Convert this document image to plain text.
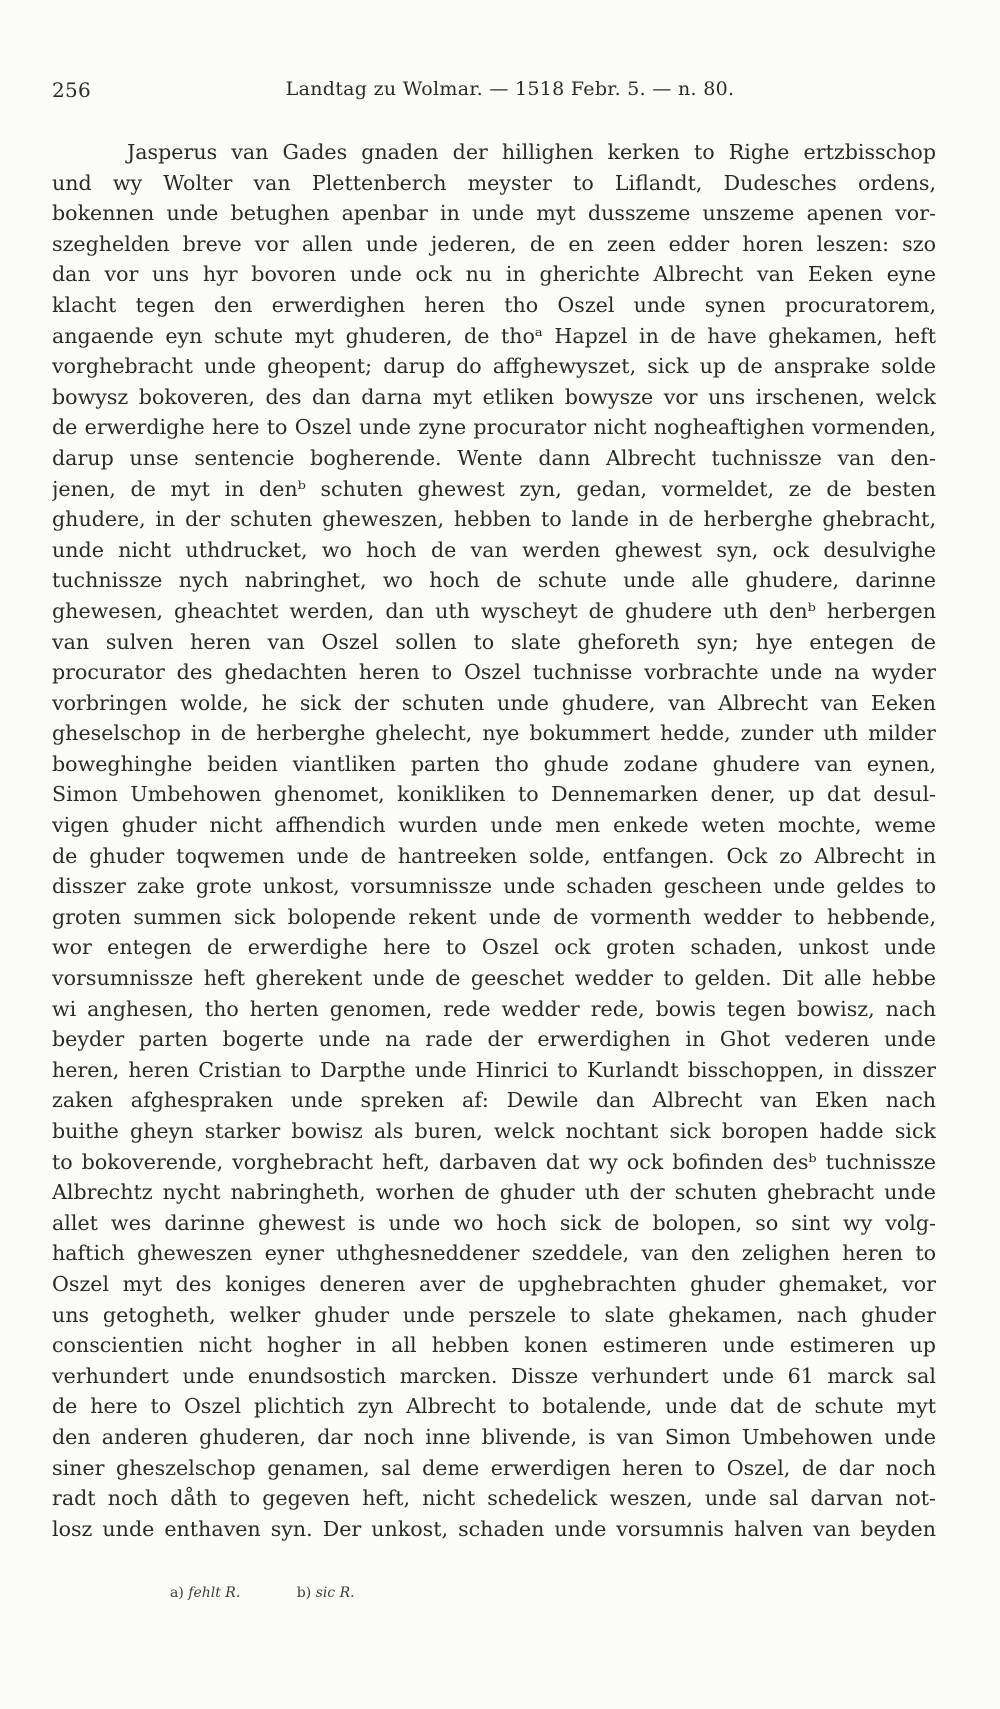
256	Landtag zu Wolmar. — 1518 Febr. 5. — n. 80.
Jasperus van Gades gnaden der hillighen kerken to Righe ertzbisschop
und wy Wolter van Plettenberch meyster to Liflandt, Dudesches ordens,
bokennen unde betughen apenbar in unde myt dusszeme unszeme apenen vor-
szeghelden breve vor allen unde jederen, de en zeen edder horen leszen: szo
dan vor uns hyr bovoren unde ock nu in gherichte Albrecht van Eeken eyne
klacht tegen den erwerdighen heren tho Oszel unde synen procuratorem,
angaende eyn schute myt ghuderen, de thoᵃ Hapzel in de have ghekamen, heft
vorghebracht unde gheopent; darup do affghewyszet, sick up de ansprake solde
bowysz bokoveren, des dan darna myt etliken bowysze vor uns irschenen, welck
de erwerdighe here to Oszel unde zyne procurator nicht nogheaftighen vormenden,
darup unse sentencie bogherende. Wente dann Albrecht tuchnissze van den-
jenen, de myt in denᵇ schuten ghewest zyn, gedan, vormeldet, ze de besten
ghudere, in der schuten gheweszen, hebben to lande in de herberghe ghebracht,
unde nicht uthdrucket, wo hoch de van werden ghewest syn, ock desulvighe
tuchnissze nych nabringhet, wo hoch de schute unde alle ghudere, darinne
ghewesen, gheachtet werden, dan uth wyscheyt de ghudere uth denᵇ herbergen
van sulven heren van Oszel sollen to slate gheforeth syn; hye entegen de
procurator des ghedachten heren to Oszel tuchnisse vorbrachte unde na wyder
vorbringen wolde, he sick der schuten unde ghudere, van Albrecht van Eeken
gheselschop in de herberghe ghelecht, nye bokummert hedde, zunder uth milder
boweghinghe beiden viantliken parten tho ghude zodane ghudere van eynen,
Simon Umbehowen ghenomet, konikliken to Dennemarken dener, up dat desul-
vigen ghuder nicht affhendich wurden unde men enkede weten mochte, weme
de ghuder toqwemen unde de hantreeken solde, entfangen. Ock zo Albrecht in
disszer zake grote unkost, vorsumnissze unde schaden gescheen unde geldes to
groten summen sick bolopende rekent unde de vormenth wedder to hebbende,
wor entegen de erwerdighe here to Oszel ock groten schaden, unkost unde
vorsumnissze heft gherekent unde de geeschet wedder to gelden. Dit alle hebbe
wi anghesen, tho herten genomen, rede wedder rede, bowis tegen bowisz, nach
beyder parten bogerte unde na rade der erwerdighen in Ghot vederen unde
heren, heren Cristian to Darpthe unde Hinrici to Kurlandt bisschoppen, in disszer
zaken afghespraken unde spreken af: Dewile dan Albrecht van Eken nach
buithe gheyn starker bowisz als buren, welck nochtant sick boropen hadde sick
to bokoverende, vorghebracht heft, darbaven dat wy ock bofinden desᵇ tuchnissze
Albrechtz nycht nabringheth, worhen de ghuder uth der schuten ghebracht unde
allet wes darinne ghewest is unde wo hoch sick de bolopen, so sint wy volg-
haftich gheweszen eyner uthghesneddener szeddele, van den zelighen heren to
Oszel myt des koniges deneren aver de upghebrachten ghuder ghemaket, vor
uns getogheth, welker ghuder unde perszele to slate ghekamen, nach ghuder
conscientien nicht hogher in all hebben konen estimeren unde estimeren up
verhundert unde enundsostich marcken. Dissze verhundert unde 61 marck sal
de here to Oszel plichtich zyn Albrecht to botalende, unde dat de schute myt
den anderen ghuderen, dar noch inne blivende, is van Simon Umbehowen unde
siner gheszelschop genamen, sal deme erwerdigen heren to Oszel, de dar noch
radt noch dåth to gegeven heft, nicht schedelick weszen, unde sal darvan not-
losz unde enthaven syn. Der unkost, schaden unde vorsumnis halven van beyden
a) fehlt R.	b) sic R.
